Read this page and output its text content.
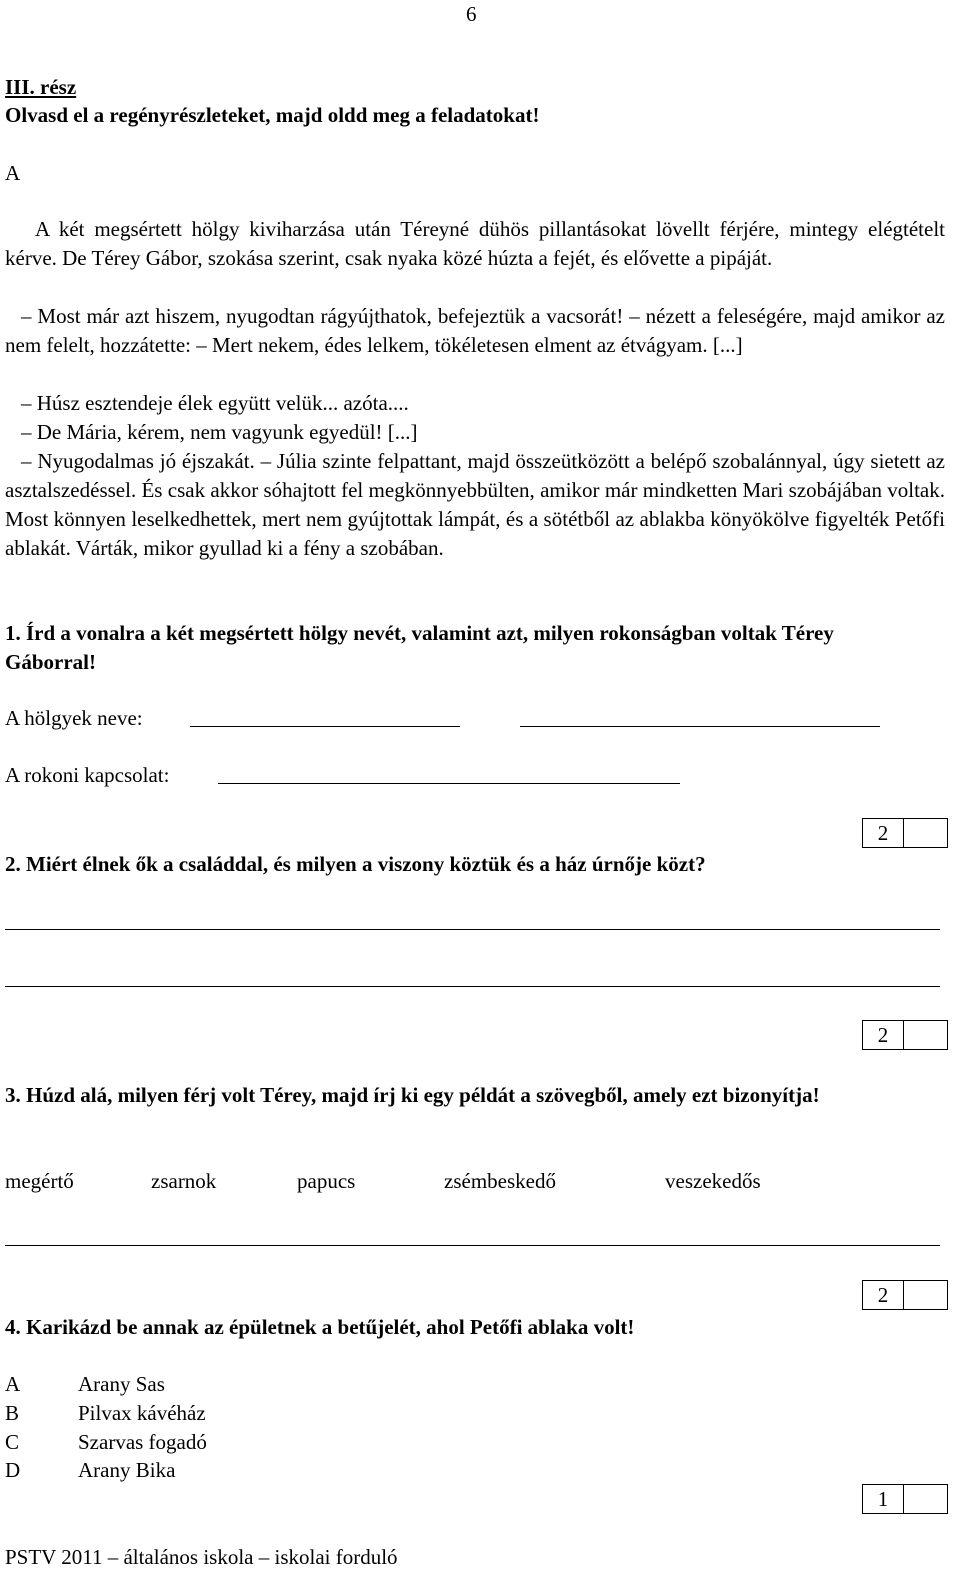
6
III. rész
Olvasd el a regényrészleteket, majd oldd meg a feladatokat!
A
A két megsértett hölgy kiviharzása után Téreyné dühös pillantásokat lövellt férjére, mintegy elégtételt kérve. De Térey Gábor, szokása szerint, csak nyaka közé húzta a fejét, és elővette a pipáját.
– Most már azt hiszem, nyugodtan rágyújthatok, befejeztük a vacsorát! – nézett a feleségére, majd amikor az nem felelt, hozzátette: – Mert nekem, édes lelkem, tökéletesen elment az étvágyam. [...]
– Húsz esztendeje élek együtt velük... azóta....
– De Mária, kérem, nem vagyunk egyedül! [...]
– Nyugodalmas jó éjszakát. – Júlia szinte felpattant, majd összeütközött a belépő szobalánnyal, úgy sietett az asztalszedéssel. És csak akkor sóhajtott fel megkönnyebbülten, amikor már mindketten Mari szobájában voltak. Most könnyen leselkedhettek, mert nem gyújtottak lámpát, és a sötétből az ablakba könyökölve figyelték Petőfi ablakát. Várták, mikor gyullad ki a fény a szobában.
1. Írd a vonalra a két megsértett hölgy nevét, valamint azt, milyen rokonságban voltak Térey Gáborral!
A hölgyek neve:
A rokoni kapcsolat:
2
2. Miért élnek ők a családdal, és milyen a viszony köztük és a ház úrnője közt?
2
3. Húzd alá, milyen férj volt Térey, majd írj ki egy példát a szövegből, amely ezt bizonyítja!
megértő	zsarnok	papucs	zsémbeskedő	veszekedős
2
4. Karikázd be annak az épületnek a betűjelét, ahol Petőfi ablaka volt!
A	Arany Sas
B	Pilvax kávéház
C	Szarvas fogadó
D	Arany Bika
1
PSTV 2011 – általános iskola – iskolai forduló
